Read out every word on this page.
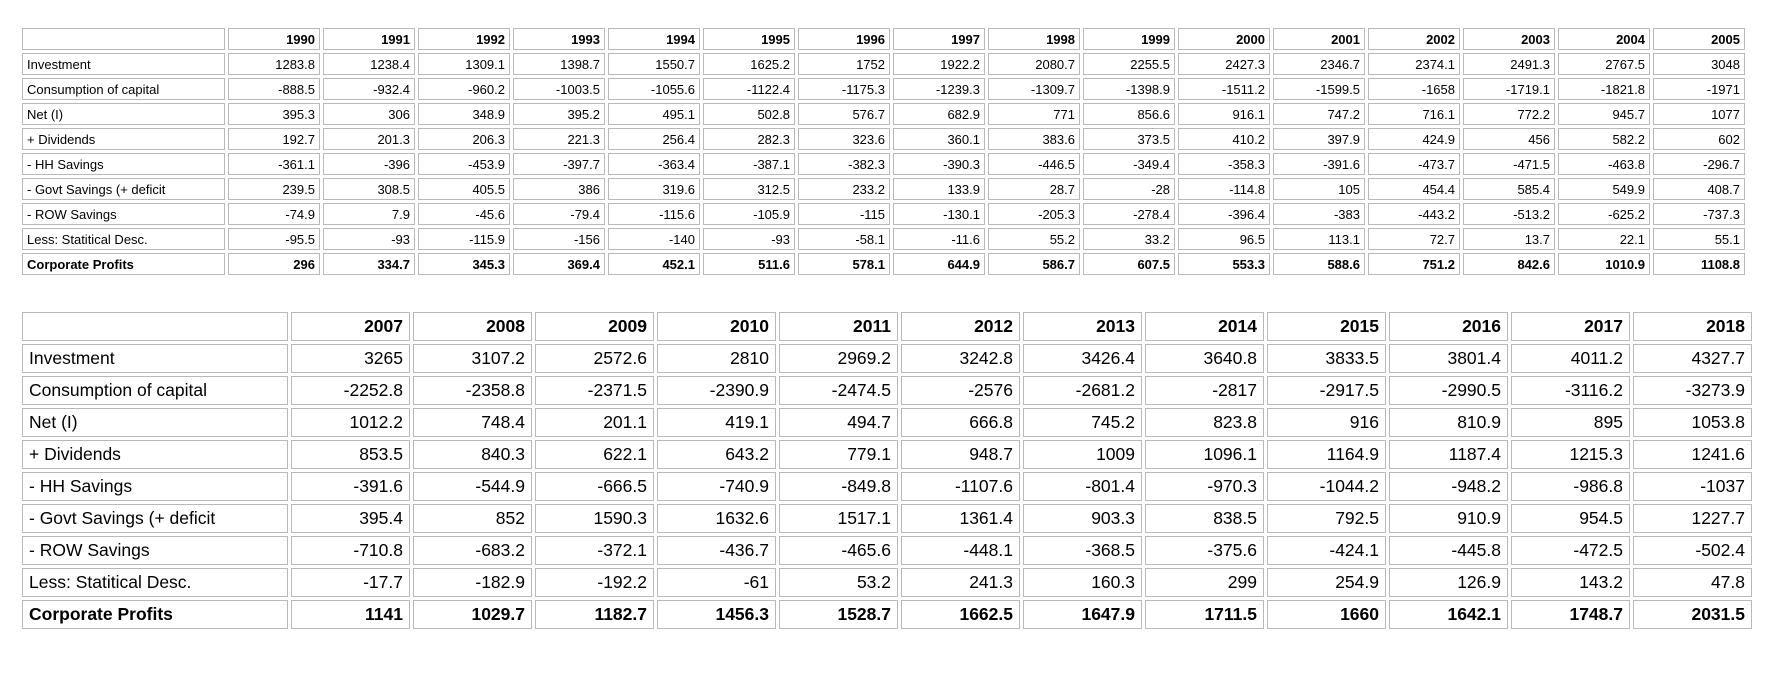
	1990	1991	1992	1993	1994	1995	1996	1997	1998	1999	2000	2001	2002	2003	2004	2005
Investment	1283.8	1238.4	1309.1	1398.7	1550.7	1625.2	1752	1922.2	2080.7	2255.5	2427.3	2346.7	2374.1	2491.3	2767.5	3048
Consumption of capital	-888.5	-932.4	-960.2	-1003.5	-1055.6	-1122.4	-1175.3	-1239.3	-1309.7	-1398.9	-1511.2	-1599.5	-1658	-1719.1	-1821.8	-1971
Net (I)	395.3	306	348.9	395.2	495.1	502.8	576.7	682.9	771	856.6	916.1	747.2	716.1	772.2	945.7	1077
+ Dividends	192.7	201.3	206.3	221.3	256.4	282.3	323.6	360.1	383.6	373.5	410.2	397.9	424.9	456	582.2	602
- HH Savings	-361.1	-396	-453.9	-397.7	-363.4	-387.1	-382.3	-390.3	-446.5	-349.4	-358.3	-391.6	-473.7	-471.5	-463.8	-296.7
- Govt Savings (+ deficit	239.5	308.5	405.5	386	319.6	312.5	233.2	133.9	28.7	-28	-114.8	105	454.4	585.4	549.9	408.7
- ROW Savings	-74.9	7.9	-45.6	-79.4	-115.6	-105.9	-115	-130.1	-205.3	-278.4	-396.4	-383	-443.2	-513.2	-625.2	-737.3
Less: Statitical Desc.	-95.5	-93	-115.9	-156	-140	-93	-58.1	-11.6	55.2	33.2	96.5	113.1	72.7	13.7	22.1	55.1
Corporate Profits	296	334.7	345.3	369.4	452.1	511.6	578.1	644.9	586.7	607.5	553.3	588.6	751.2	842.6	1010.9	1108.8
	2007	2008	2009	2010	2011	2012	2013	2014	2015	2016	2017	2018
Investment	3265	3107.2	2572.6	2810	2969.2	3242.8	3426.4	3640.8	3833.5	3801.4	4011.2	4327.7
Consumption of capital	-2252.8	-2358.8	-2371.5	-2390.9	-2474.5	-2576	-2681.2	-2817	-2917.5	-2990.5	-3116.2	-3273.9
Net (I)	1012.2	748.4	201.1	419.1	494.7	666.8	745.2	823.8	916	810.9	895	1053.8
+ Dividends	853.5	840.3	622.1	643.2	779.1	948.7	1009	1096.1	1164.9	1187.4	1215.3	1241.6
- HH Savings	-391.6	-544.9	-666.5	-740.9	-849.8	-1107.6	-801.4	-970.3	-1044.2	-948.2	-986.8	-1037
- Govt Savings (+ deficit	395.4	852	1590.3	1632.6	1517.1	1361.4	903.3	838.5	792.5	910.9	954.5	1227.7
- ROW Savings	-710.8	-683.2	-372.1	-436.7	-465.6	-448.1	-368.5	-375.6	-424.1	-445.8	-472.5	-502.4
Less: Statitical Desc.	-17.7	-182.9	-192.2	-61	53.2	241.3	160.3	299	254.9	126.9	143.2	47.8
Corporate Profits	1141	1029.7	1182.7	1456.3	1528.7	1662.5	1647.9	1711.5	1660	1642.1	1748.7	2031.5
